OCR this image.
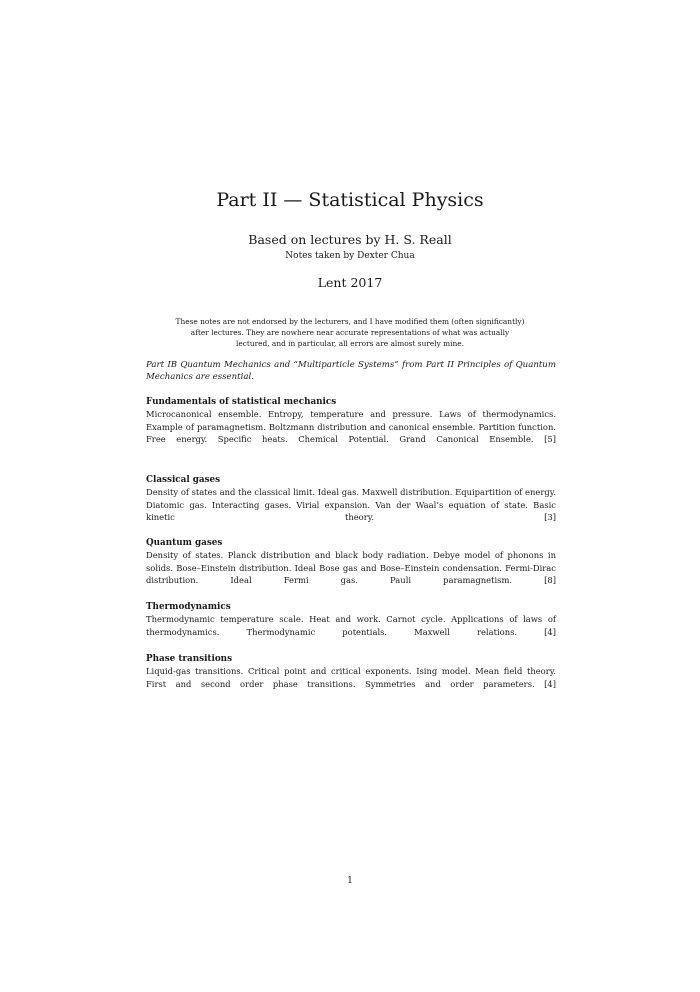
Part II — Statistical Physics
Based on lectures by H. S. Reall
Notes taken by Dexter Chua
Lent 2017
These notes are not endorsed by the lecturers, and I have modified them (often significantly) after lectures. They are nowhere near accurate representations of what was actually lectured, and in particular, all errors are almost surely mine.
Part IB Quantum Mechanics and “Multiparticle Systems” from Part II Principles of Quantum Mechanics are essential.

Fundamentals of statistical mechanics

Microcanonical ensemble. Entropy, temperature and pressure. Laws of thermodynamics. Example of paramagnetism. Boltzmann distribution and canonical ensemble. Partition function. Free energy. Specific heats. Chemical Potential. Grand Canonical Ensemble. [5]

Classical gases

Density of states and the classical limit. Ideal gas. Maxwell distribution. Equipartition of energy. Diatomic gas. Interacting gases. Virial expansion. Van der Waal’s equation of state. Basic kinetic theory.	[3]

Quantum gases

Density of states. Planck distribution and black body radiation. Debye model of phonons in solids. Bose–Einstein distribution. Ideal Bose gas and Bose–Einstein condensation. Fermi-Dirac distribution. Ideal Fermi gas. Pauli paramagnetism.	[8]

Thermodynamics

Thermodynamic temperature scale. Heat and work. Carnot cycle. Applications of laws of thermodynamics. Thermodynamic potentials. Maxwell relations.	[4]

Phase transitions

Liquid-gas transitions. Critical point and critical exponents. Ising model. Mean field theory. First and second order phase transitions. Symmetries and order parameters. [4]

1
